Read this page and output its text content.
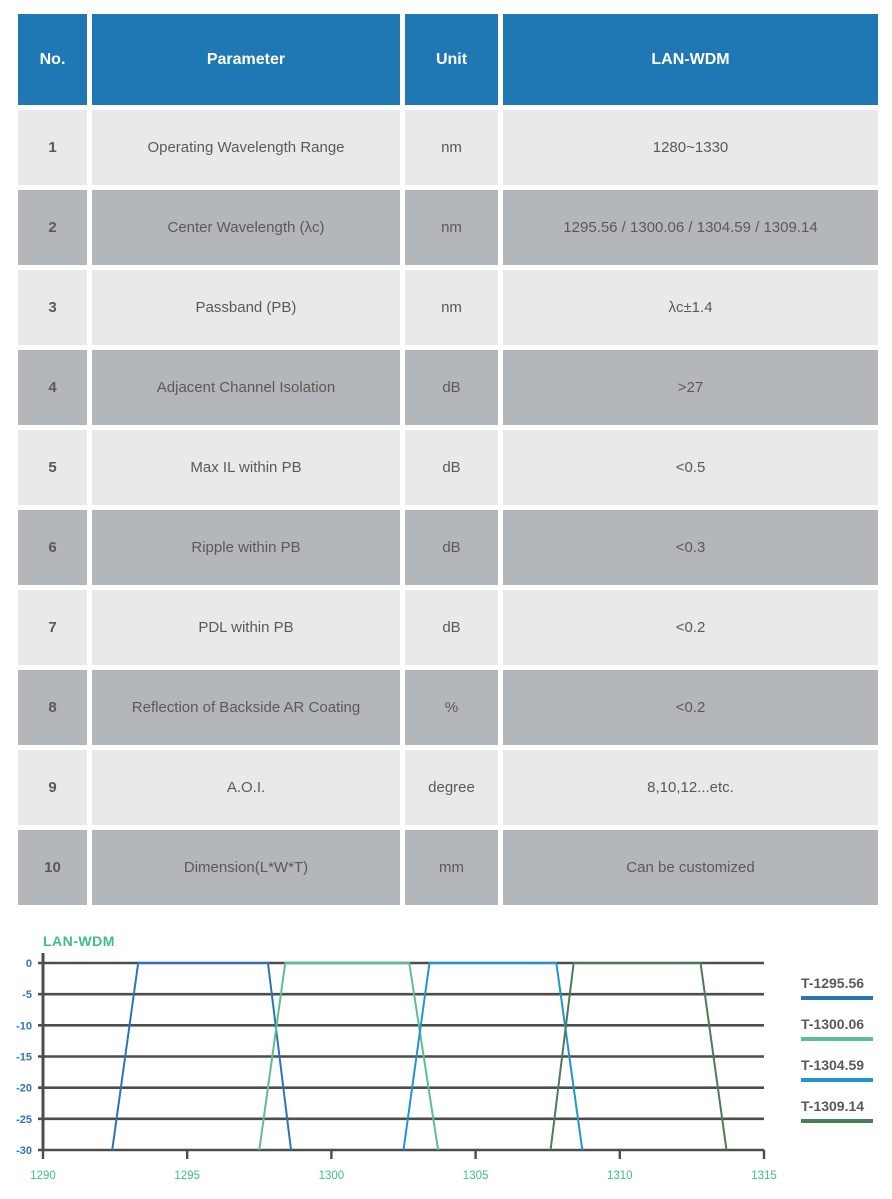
No.	Parameter	Unit	LAN-WDM
1	Operating Wavelength Range	nm	1280~1330
2	Center Wavelength (λc)	nm	1295.56 / 1300.06 / 1304.59 / 1309.14
3	Passband (PB)	nm	λc±1.4
4	Adjacent Channel Isolation	dB	>27
5	Max IL within PB	dB	<0.5
6	Ripple within PB	dB	<0.3
7	PDL within PB	dB	<0.2
8	Reflection of Backside AR Coating	%	<0.2
9	A.O.I.	degree	8,10,12...etc.
10	Dimension(L*W*T)	mm	Can be customized
LAN-WDM
0
-5
-10
-15
-20
-25
-30
1290	1295	1300	1305	1310	1315
T-1295.56
T-1300.06
T-1304.59
T-1309.14
